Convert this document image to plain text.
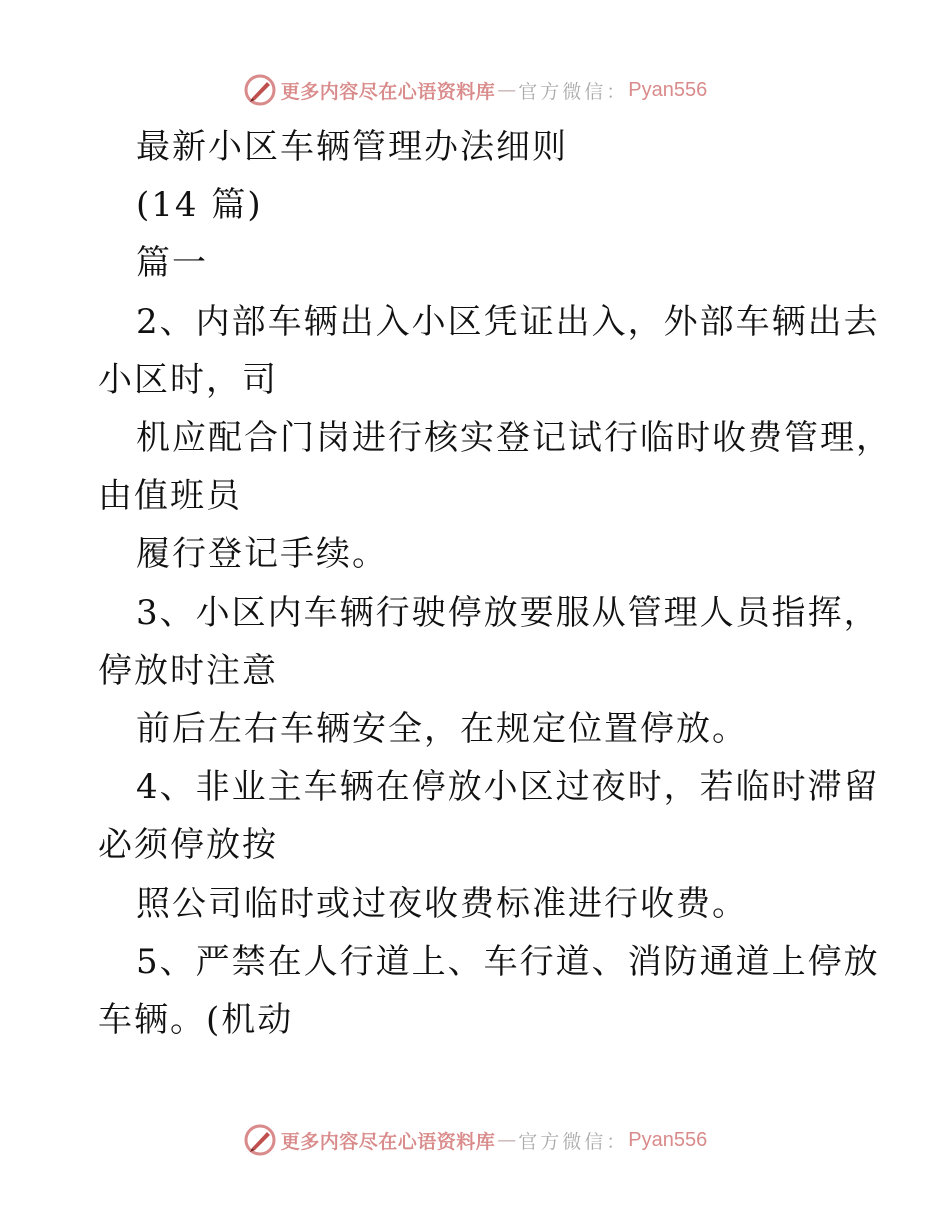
更多内容尽在心语资料库 — 官方微信： Pyan556

最新小区车辆管理办法细则

(14 篇)

篇一

2、内部车辆出入小区凭证出入，外部车辆出去

小区时，司

机应配合门岗进行核实登记试行临时收费管理，

由值班员

履行登记手续。

3、小区内车辆行驶停放要服从管理人员指挥，

停放时注意

前后左右车辆安全，在规定位置停放。

4、非业主车辆在停放小区过夜时，若临时滞留

必须停放按

照公司临时或过夜收费标准进行收费。

5、严禁在人行道上、车行道、消防通道上停放

车辆。(机动

更多内容尽在心语资料库 — 官方微信： Pyan556
